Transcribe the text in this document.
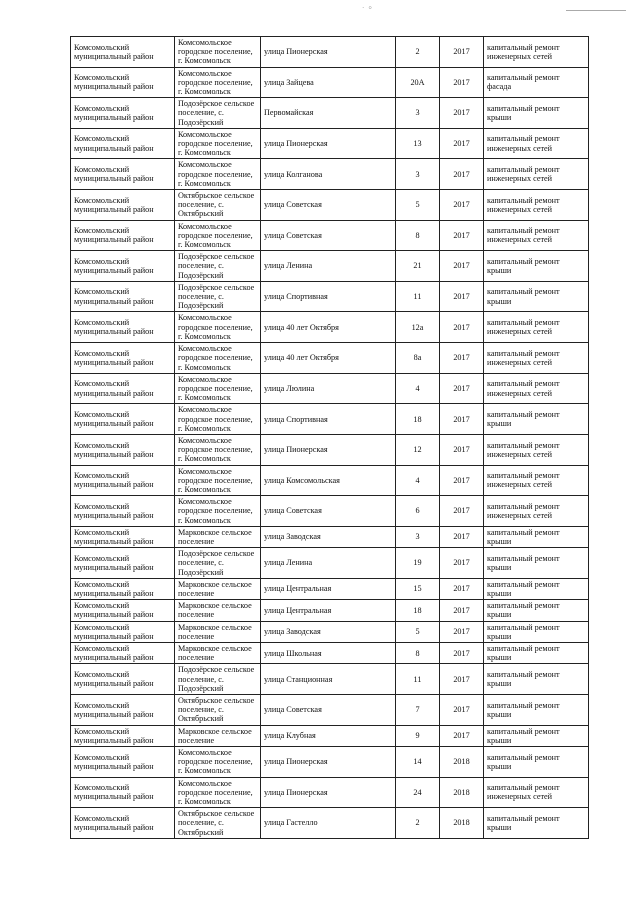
· ⸰
Комсомольский муниципальный район	Комсомольское городское поселение, г. Комсомольск	улица Пионерская	2	2017	капитальный ремонт инженерных сетей
Комсомольский муниципальный район	Комсомольское городское поселение, г. Комсомольск	улица Зайцева	20А	2017	капитальный ремонт фасада
Комсомольский муниципальный район	Подозёрское сельское поселение, с. Подозёрский	Первомайская	3	2017	капитальный ремонт крыши
Комсомольский муниципальный район	Комсомольское городское поселение, г. Комсомольск	улица Пионерская	13	2017	капитальный ремонт инженерных сетей
Комсомольский муниципальный район	Комсомольское городское поселение, г. Комсомольск	улица Колганова	3	2017	капитальный ремонт инженерных сетей
Комсомольский муниципальный район	Октябрьское сельское поселение, с. Октябрьский	улица Советская	5	2017	капитальный ремонт инженерных сетей
Комсомольский муниципальный район	Комсомольское городское поселение, г. Комсомольск	улица Советская	8	2017	капитальный ремонт инженерных сетей
Комсомольский муниципальный район	Подозёрское сельское поселение, с. Подозёрский	улица Ленина	21	2017	капитальный ремонт крыши
Комсомольский муниципальный район	Подозёрское сельское поселение, с. Подозёрский	улица Спортивная	11	2017	капитальный ремонт крыши
Комсомольский муниципальный район	Комсомольское городское поселение, г. Комсомольск	улица 40 лет Октября	12а	2017	капитальный ремонт инженерных сетей
Комсомольский муниципальный район	Комсомольское городское поселение, г. Комсомольск	улица 40 лет Октября	8а	2017	капитальный ремонт инженерных сетей
Комсомольский муниципальный район	Комсомольское городское поселение, г. Комсомольск	улица Люлина	4	2017	капитальный ремонт инженерных сетей
Комсомольский муниципальный район	Комсомольское городское поселение, г. Комсомольск	улица Спортивная	18	2017	капитальный ремонт крыши
Комсомольский муниципальный район	Комсомольское городское поселение, г. Комсомольск	улица Пионерская	12	2017	капитальный ремонт инженерных сетей
Комсомольский муниципальный район	Комсомольское городское поселение, г. Комсомольск	улица Комсомольская	4	2017	капитальный ремонт инженерных сетей
Комсомольский муниципальный район	Комсомольское городское поселение, г. Комсомольск	улица Советская	6	2017	капитальный ремонт инженерных сетей
Комсомольский муниципальный район	Марковское сельское поселение	улица Заводская	3	2017	капитальный ремонт крыши
Комсомольский муниципальный район	Подозёрское сельское поселение, с. Подозёрский	улица Ленина	19	2017	капитальный ремонт крыши
Комсомольский муниципальный район	Марковское сельское поселение	улица Центральная	15	2017	капитальный ремонт крыши
Комсомольский муниципальный район	Марковское сельское поселение	улица Центральная	18	2017	капитальный ремонт крыши
Комсомольский муниципальный район	Марковское сельское поселение	улица Заводская	5	2017	капитальный ремонт крыши
Комсомольский муниципальный район	Марковское сельское поселение	улица Школьная	8	2017	капитальный ремонт крыши
Комсомольский муниципальный район	Подозёрское сельское поселение, с. Подозёрский	улица Станционная	11	2017	капитальный ремонт крыши
Комсомольский муниципальный район	Октябрьское сельское поселение, с. Октябрьский	улица Советская	7	2017	капитальный ремонт крыши
Комсомольский муниципальный район	Марковское сельское поселение	улица Клубная	9	2017	капитальный ремонт крыши
Комсомольский муниципальный район	Комсомольское городское поселение, г. Комсомольск	улица Пионерская	14	2018	капитальный ремонт крыши
Комсомольский муниципальный район	Комсомольское городское поселение, г. Комсомольск	улица Пионерская	24	2018	капитальный ремонт инженерных сетей
Комсомольский муниципальный район	Октябрьское сельское поселение, с. Октябрьский	улица Гастелло	2	2018	капитальный ремонт крыши
